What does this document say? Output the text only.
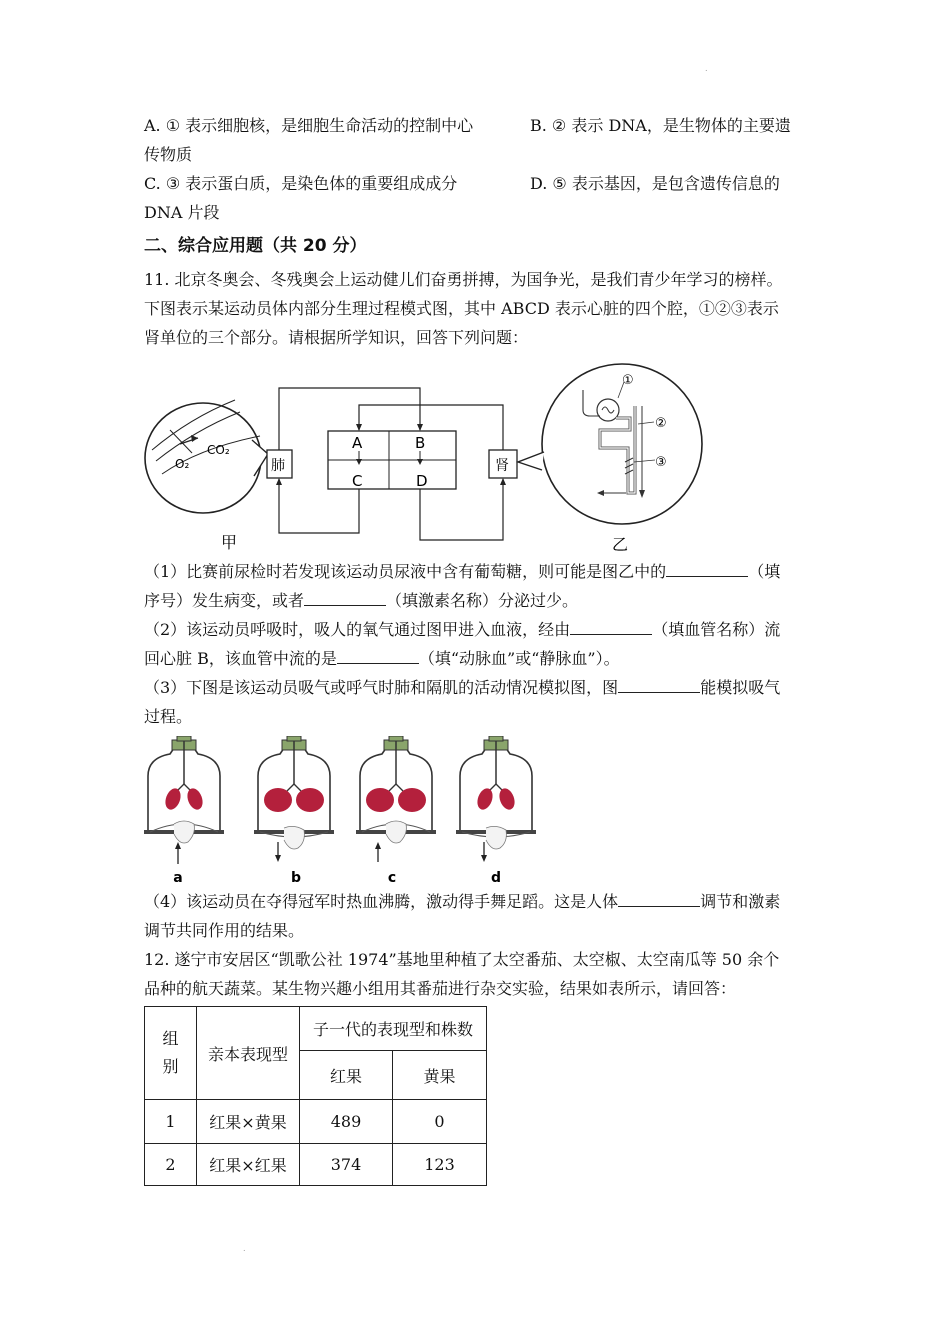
.
A. ① 表示细胞核，是细胞生命活动的控制中心	B. ② 表示 DNA，是生物体的主要遗
传物质
C. ③ 表示蛋白质，是染色体的重要组成成分	D. ⑤ 表示基因，是包含遗传信息的
DNA 片段
二、综合应用题（共 20 分）
11. 北京冬奥会、冬残奥会上运动健儿们奋勇拼搏，为国争光，是我们青少年学习的榜样。
下图表示某运动员体内部分生理过程模式图，其中 ABCD 表示心脏的四个腔，①②③表示
肾单位的三个部分。请根据所学知识，回答下列问题：
CO₂
O₂	肺
A	B
C	D
肾
①
②
③
甲	乙
（1）比赛前尿检时若发现该运动员尿液中含有葡萄糖，则可能是图乙中的	（填
序号）发生病变，或者	（填激素名称）分泌过少。
（2）该运动员呼吸时，吸人的氧气通过图甲进入血液，经由	（填血管名称）流
回心脏 B，该血管中流的是	（填“动脉血”或“静脉血”）。
（3）下图是该运动员吸气或呼气时肺和隔肌的活动情况模拟图，图	能模拟吸气
过程。
a	b	c	d
（4）该运动员在夺得冠军时热血沸腾，激动得手舞足蹈。这是人体	调节和激素
调节共同作用的结果。
12. 遂宁市安居区“凯歌公社 1974”基地里种植了太空番茄、太空椒、太空南瓜等 50 余个
品种的航天蔬菜。某生物兴趣小组用其番茄进行杂交实验，结果如表所示，请回答：
组
别	亲本表现型	子一代的表现型和株数	
		红果	黄果
1	红果×黄果	489	0
2	红果×红果	374	123
.
